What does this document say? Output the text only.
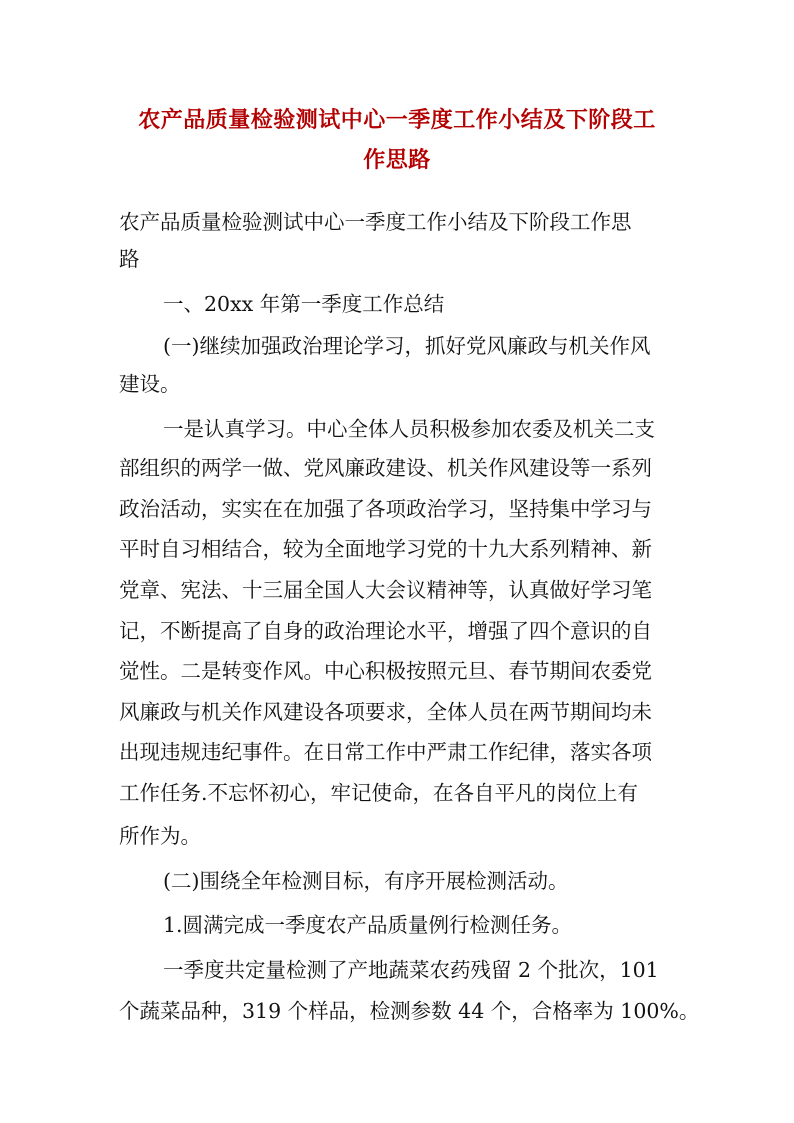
农产品质量检验测试中心一季度工作小结及下阶段工
作思路
农产品质量检验测试中心一季度工作小结及下阶段工作思
路
一、20xx 年第一季度工作总结
(一)继续加强政治理论学习，抓好党风廉政与机关作风
建设。
一是认真学习。中心全体人员积极参加农委及机关二支
部组织的两学一做、党风廉政建设、机关作风建设等一系列
政治活动，实实在在加强了各项政治学习，坚持集中学习与
平时自习相结合，较为全面地学习党的十九大系列精神、新
党章、宪法、十三届全国人大会议精神等，认真做好学习笔
记，不断提高了自身的政治理论水平，增强了四个意识的自
觉性。二是转变作风。中心积极按照元旦、春节期间农委党
风廉政与机关作风建设各项要求，全体人员在两节期间均未
出现违规违纪事件。在日常工作中严肃工作纪律，落实各项
工作任务.不忘怀初心，牢记使命，在各自平凡的岗位上有
所作为。
(二)围绕全年检测目标，有序开展检测活动。
1.圆满完成一季度农产品质量例行检测任务。
一季度共定量检测了产地蔬菜农药残留 2 个批次，101
个蔬菜品种，319 个样品，检测参数 44 个，合格率为 100%。
